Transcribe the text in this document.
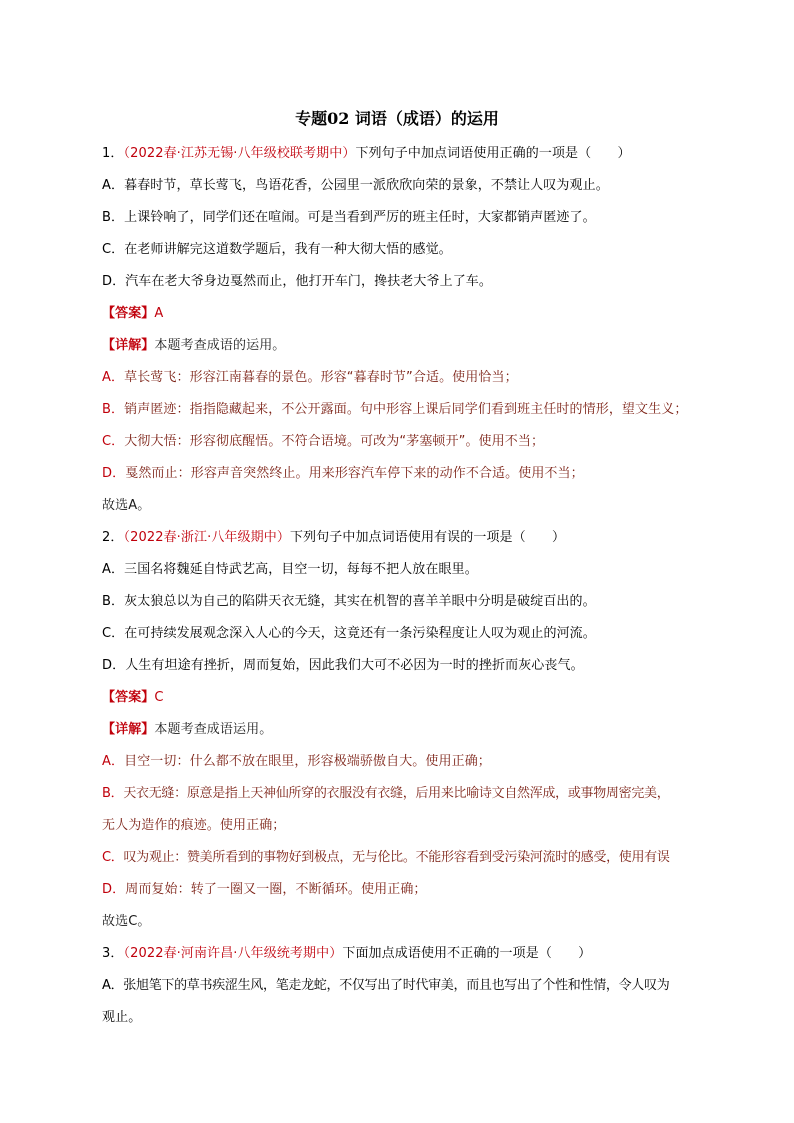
专题02 词语（成语）的运用
1．（2022春·江苏无锡·八年级校联考期中）下列句子中加点词语使用正确的一项是（　　）
A．暮春时节，草长莺飞，鸟语花香，公园里一派欣欣向荣的景象，不禁让人叹为观止。
B．上课铃响了，同学们还在喧闹。可是当看到严厉的班主任时，大家都销声匿迹了。
C．在老师讲解完这道数学题后，我有一种大彻大悟的感觉。
D．汽车在老大爷身边戛然而止，他打开车门，搀扶老大爷上了车。
【答案】A
【详解】本题考查成语的运用。
A．草长莺飞：形容江南暮春的景色。形容“暮春时节”合适。使用恰当；
B．销声匿迹：指指隐藏起来，不公开露面。句中形容上课后同学们看到班主任时的情形，望文生义；
C．大彻大悟：形容彻底醒悟。不符合语境。可改为“茅塞顿开”。使用不当；
D．戛然而止：形容声音突然终止。用来形容汽车停下来的动作不合适。使用不当；
故选A。
2．（2022春·浙江·八年级期中）下列句子中加点词语使用有误的一项是（　　）
A．三国名将魏延自恃武艺高，目空一切，每每不把人放在眼里。
B．灰太狼总以为自己的陷阱天衣无缝，其实在机智的喜羊羊眼中分明是破绽百出的。
C．在可持续发展观念深入人心的今天，这竟还有一条污染程度让人叹为观止的河流。
D．人生有坦途有挫折，周而复始，因此我们大可不必因为一时的挫折而灰心丧气。
【答案】C
【详解】本题考查成语运用。
A．目空一切：什么都不放在眼里，形容极端骄傲自大。使用正确；
B．天衣无缝：原意是指上天神仙所穿的衣服没有衣缝，后用来比喻诗文自然浑成，或事物周密完美，
无人为造作的痕迹。使用正确；
C．叹为观止：赞美所看到的事物好到极点，无与伦比。不能形容看到受污染河流时的感受，使用有误
D．周而复始：转了一圈又一圈，不断循环。使用正确；
故选C。
3．（2022春·河南许昌·八年级统考期中）下面加点成语使用不正确的一项是（　　）
A．张旭笔下的草书疾涩生风，笔走龙蛇，不仅写出了时代审美，而且也写出了个性和性情，令人叹为
观止。
